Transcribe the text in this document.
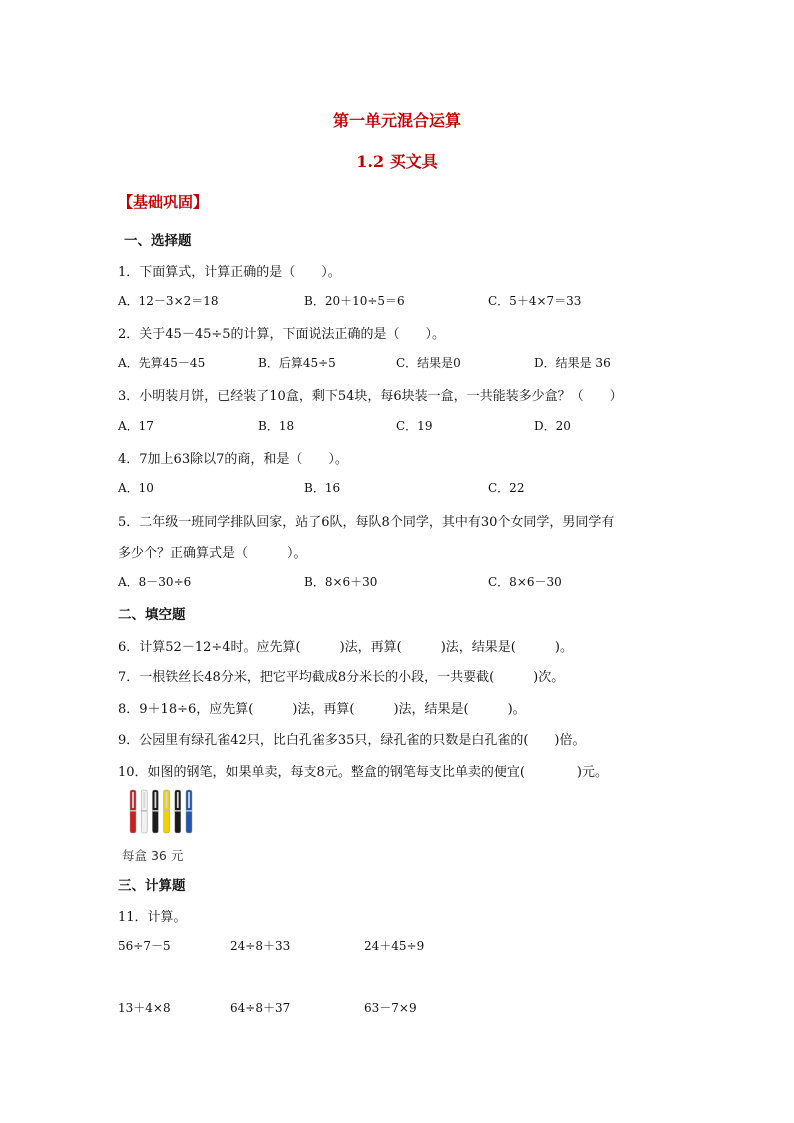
第一单元混合运算
1.2 买文具
【基础巩固】
一、选择题
1．下面算式，计算正确的是（　　）。
A．12－3×2＝18	B．20＋10÷5＝6	C．5＋4×7＝33
2．关于45－45÷5的计算，下面说法正确的是（　　）。
A．先算45－45	B．后算45÷5	C．结果是0	D．结果是 36
3．小明装月饼，已经装了10盒，剩下54块，每6块装一盒，一共能装多少盒？（　　）
A．17	B．18	C．19	D．20
4．7加上63除以7的商，和是（　　）。
A．10	B．16	C．22
5．二年级一班同学排队回家，站了6队，每队8个同学，其中有30个女同学，男同学有
多少个？正确算式是（　　　）。
A．8－30÷6	B．8×6＋30	C．8×6－30
二、填空题
6．计算52－12÷4时。应先算(　　　)法，再算(　　　)法，结果是(　　　)。
7．一根铁丝长48分米，把它平均截成8分米长的小段，一共要截(　　　)次。
8．9＋18÷6，应先算(　　　)法，再算(　　　)法，结果是(　　　)。
9．公园里有绿孔雀42只，比白孔雀多35只，绿孔雀的只数是白孔雀的(　　)倍。
10．如图的钢笔，如果单卖，每支8元。整盒的钢笔每支比单卖的便宜(　　　　)元。
每盒 36 元
三、计算题
11．计算。
56÷7－5	24÷8＋33	24＋45÷9
13＋4×8	64÷8＋37	63－7×9
